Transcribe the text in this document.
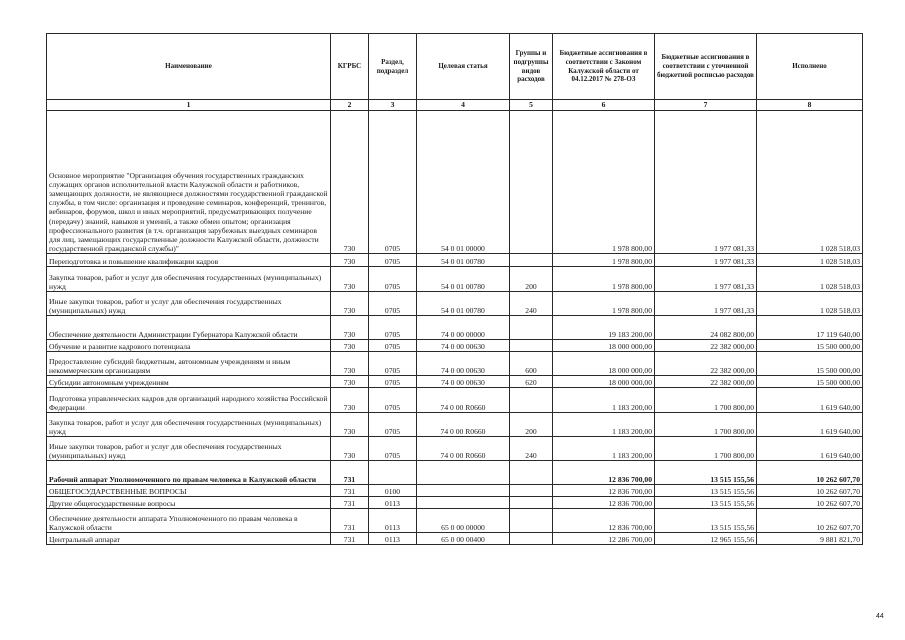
Наименование	КГРБС	Раздел, подраздел	Целевая статья	Группы и подгруппы видов расходов	Бюджетные ассигнования в соответствии с Законом Калужской области от 04.12.2017 № 278-ОЗ	Бюджетные ассигнования в соответствии с уточненной бюджетной росписью расходов	Исполнено
1	2	3	4	5	6	7	8
Основное мероприятие "Организация обучения государственных гражданских служащих органов исполнительной власти Калужской области и работников, замещающих должности, не являющиеся должностями государственной гражданской службы, в том числе: организация и проведение семинаров, конференций, тренингов, вебинаров, форумов, школ и иных мероприятий, предусматривающих получение (передачу) знаний, навыков и умений, а также обмен опытом; организация профессионального развития (в т.ч. организация зарубежных выездных семинаров для лиц, замещающих государственные должности Калужской области, должности государственной гражданской службы)"	730	0705	54 0 01 00000		1 978 800,00	1 977 081,33	1 028 518,03
Переподготовка и повышение квалификации кадров	730	0705	54 0 01 00780		1 978 800,00	1 977 081,33	1 028 518,03
Закупка товаров, работ и услуг для обеспечения государственных (муниципальных) нужд	730	0705	54 0 01 00780	200	1 978 800,00	1 977 081,33	1 028 518,03
Иные закупки товаров, работ и услуг для обеспечения государственных (муниципальных) нужд	730	0705	54 0 01 00780	240	1 978 800,00	1 977 081,33	1 028 518,03
Обеспечение деятельности Администрации Губернатора Калужской области	730	0705	74 0 00 00000		19 183 200,00	24 082 800,00	17 119 640,00
Обучение и развитие кадрового потенциала	730	0705	74 0 00 00630		18 000 000,00	22 382 000,00	15 500 000,00
Предоставление субсидий бюджетным, автономным учреждениям и иным некоммерческим организациям	730	0705	74 0 00 00630	600	18 000 000,00	22 382 000,00	15 500 000,00
Субсидии автономным учреждениям	730	0705	74 0 00 00630	620	18 000 000,00	22 382 000,00	15 500 000,00
Подготовка управленческих кадров для организаций народного хозяйства Российской Федерации	730	0705	74 0 00 R0660		1 183 200,00	1 700 800,00	1 619 640,00
Закупка товаров, работ и услуг для обеспечения государственных (муниципальных) нужд	730	0705	74 0 00 R0660	200	1 183 200,00	1 700 800,00	1 619 640,00
Иные закупки товаров, работ и услуг для обеспечения государственных (муниципальных) нужд	730	0705	74 0 00 R0660	240	1 183 200,00	1 700 800,00	1 619 640,00
Рабочий аппарат Уполномоченного по правам человека в Калужской области	731				12 836 700,00	13 515 155,56	10 262 607,70
ОБЩЕГОСУДАРСТВЕННЫЕ ВОПРОСЫ	731	0100			12 836 700,00	13 515 155,56	10 262 607,70
Другие общегосударственные вопросы	731	0113			12 836 700,00	13 515 155,56	10 262 607,70
Обеспечение деятельности аппарата Уполномоченного по правам человека в Калужской области	731	0113	65 0 00 00000		12 836 700,00	13 515 155,56	10 262 607,70
Центральный аппарат	731	0113	65 0 00 00400		12 286 700,00	12 965 155,56	9 881 821,70
44
